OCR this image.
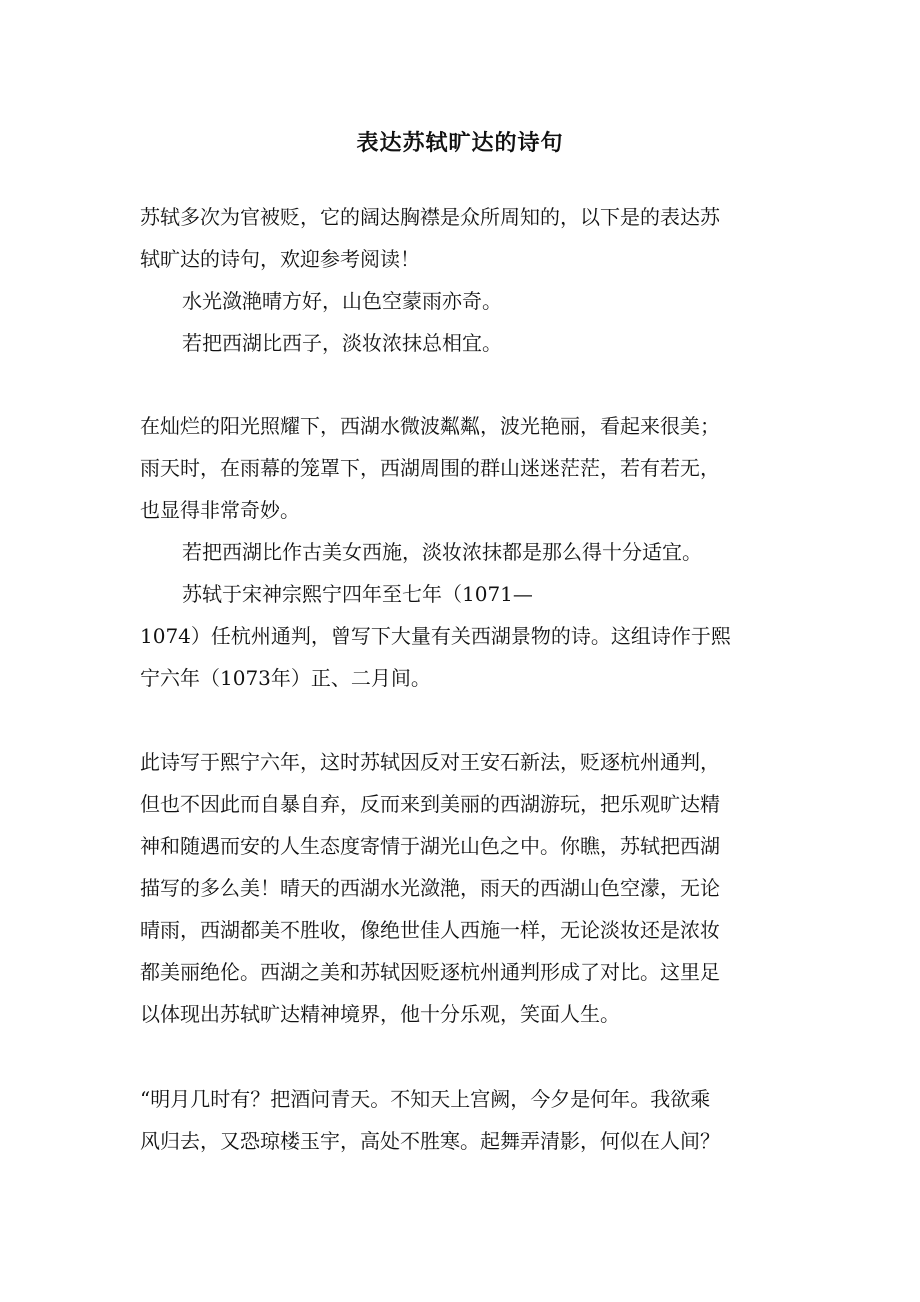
表达苏轼旷达的诗句

苏轼多次为官被贬，它的阔达胸襟是众所周知的，以下是的表达苏
轼旷达的诗句，欢迎参考阅读！

水光潋滟晴方好，山色空蒙雨亦奇。
若把西湖比西子，淡妆浓抹总相宜。

在灿烂的阳光照耀下，西湖水微波粼粼，波光艳丽，看起来很美；
雨天时，在雨幕的笼罩下，西湖周围的群山迷迷茫茫，若有若无，
也显得非常奇妙。

若把西湖比作古美女西施，淡妆浓抹都是那么得十分适宜。
苏轼于宋神宗熙宁四年至七年（1071—
1074）任杭州通判，曾写下大量有关西湖景物的诗。这组诗作于熙
宁六年（1073年）正、二月间。

此诗写于熙宁六年，这时苏轼因反对王安石新法，贬逐杭州通判，
但也不因此而自暴自弃，反而来到美丽的西湖游玩，把乐观旷达精
神和随遇而安的人生态度寄情于湖光山色之中。你瞧，苏轼把西湖
描写的多么美！晴天的西湖水光潋滟，雨天的西湖山色空濛，无论
晴雨，西湖都美不胜收，像绝世佳人西施一样，无论淡妆还是浓妆
都美丽绝伦。西湖之美和苏轼因贬逐杭州通判形成了对比。这里足
以体现出苏轼旷达精神境界，他十分乐观，笑面人生。

“明月几时有？把酒问青天。不知天上宫阙，今夕是何年。我欲乘
风归去，又恐琼楼玉宇，高处不胜寒。起舞弄清影，何似在人间？
